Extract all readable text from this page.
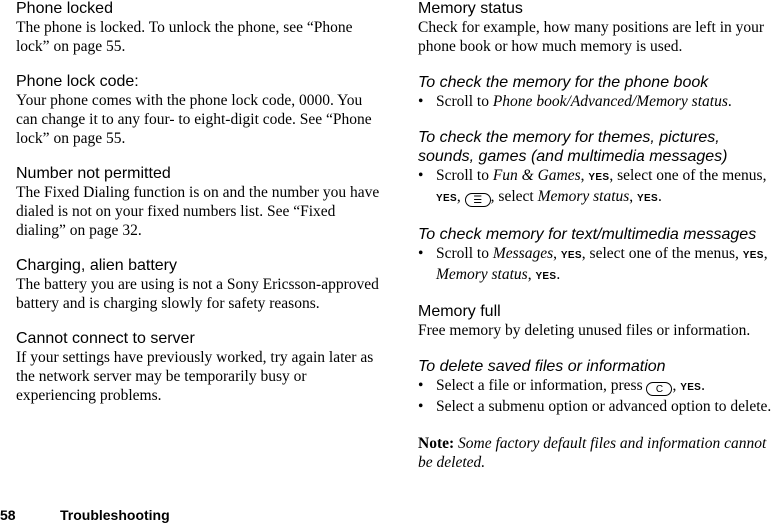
Phone locked

The phone is locked. To unlock the phone, see “Phone lock” on page 55.

Phone lock code:

Your phone comes with the phone lock code, 0000. You can change it to any four- to eight-digit code. See “Phone lock” on page 55.

Number not permitted

The Fixed Dialing function is on and the number you have dialed is not on your fixed numbers list. See “Fixed dialing” on page 32.

Charging, alien battery

The battery you are using is not a Sony Ericsson-approved battery and is charging slowly for safety reasons.

Cannot connect to server

If your settings have previously worked, try again later as the network server may be temporarily busy or experiencing problems.

Memory status

Check for example, how many positions are left in your phone book or how much memory is used.

To check the memory for the phone book

• Scroll to Phone book/Advanced/Memory status.

To check the memory for themes, pictures, sounds, games (and multimedia messages)

• Scroll to Fun & Games, YES, select one of the menus, YES, ☰ , select Memory status, YES.

To check memory for text/multimedia messages

• Scroll to Messages, YES, select one of the menus, YES, Memory status, YES.

Memory full

Free memory by deleting unused files or information.

To delete saved files or information

• Select a file or information, press C , YES.

• Select a submenu option or advanced option to delete.

Note: Some factory default files and information cannot be deleted.

58	Troubleshooting
